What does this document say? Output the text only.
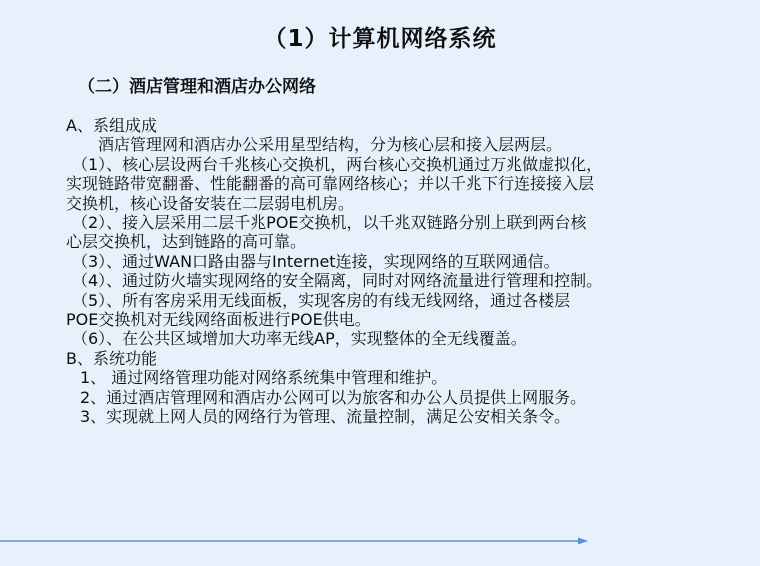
（1）计算机网络系统
（二）酒店管理和酒店办公网络
A、系组成成
酒店管理网和酒店办公采用星型结构，分为核心层和接入层两层。
（1）、核心层设两台千兆核心交换机，两台核心交换机通过万兆做虚拟化，
实现链路带宽翻番、性能翻番的高可靠网络核心；并以千兆下行连接接入层
交换机，核心设备安装在二层弱电机房。
（2）、接入层采用二层千兆POE交换机，以千兆双链路分别上联到两台核
心层交换机，达到链路的高可靠。
（3）、通过WAN口路由器与Internet连接，实现网络的互联网通信。
（4）、通过防火墙实现网络的安全隔离，同时对网络流量进行管理和控制。
（5）、所有客房采用无线面板，实现客房的有线无线网络，通过各楼层
POE交换机对无线网络面板进行POE供电。
（6）、在公共区域增加大功率无线AP，实现整体的全无线覆盖。
B、系统功能
1、 通过网络管理功能对网络系统集中管理和维护。
2、通过酒店管理网和酒店办公网可以为旅客和办公人员提供上网服务。
3、实现就上网人员的网络行为管理、流量控制，满足公安相关条令。
